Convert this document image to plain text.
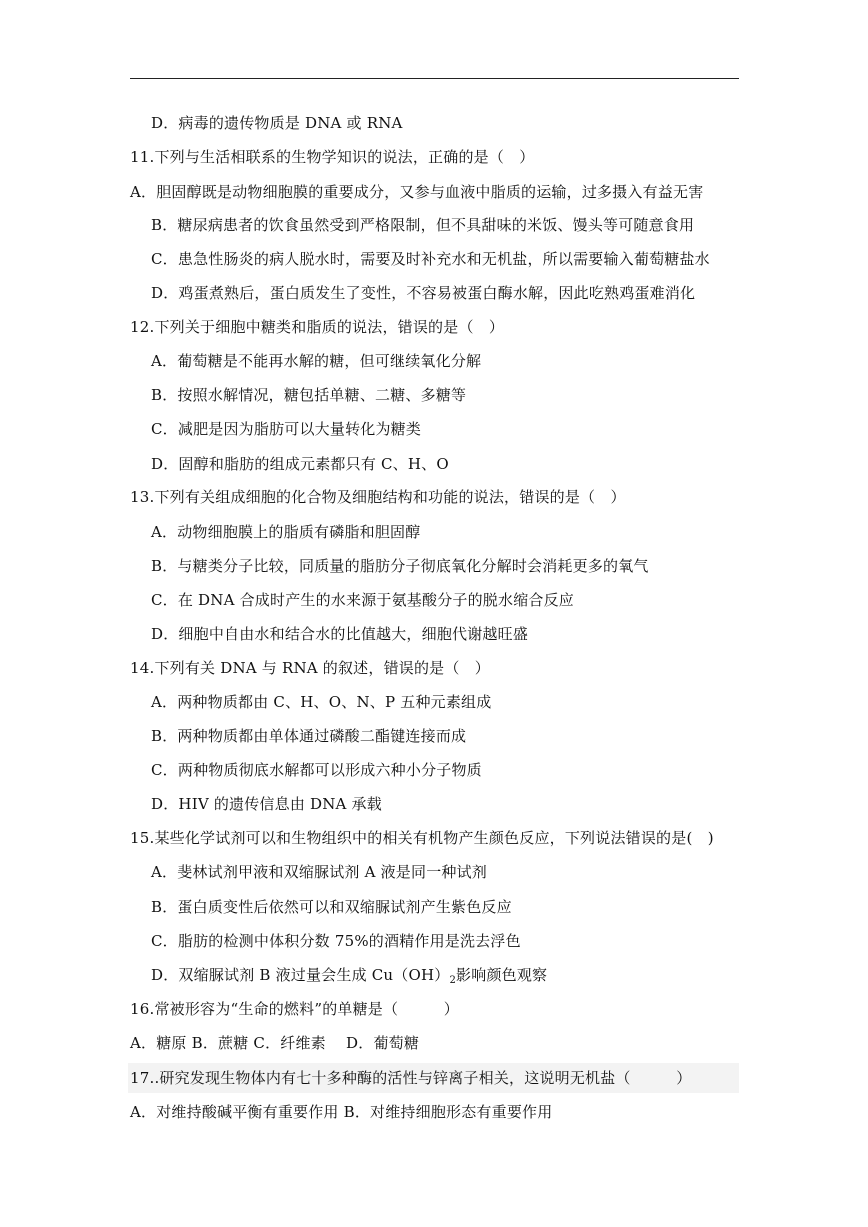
D．病毒的遗传物质是 DNA 或 RNA
11.下列与生活相联系的生物学知识的说法，正确的是（　）
A．胆固醇既是动物细胞膜的重要成分，又参与血液中脂质的运输，过多摄入有益无害
B．糖尿病患者的饮食虽然受到严格限制，但不具甜味的米饭、馒头等可随意食用
C．患急性肠炎的病人脱水时，需要及时补充水和无机盐，所以需要输入葡萄糖盐水
D．鸡蛋煮熟后，蛋白质发生了变性，不容易被蛋白酶水解，因此吃熟鸡蛋难消化
12.下列关于细胞中糖类和脂质的说法，错误的是（　）
A．葡萄糖是不能再水解的糖，但可继续氧化分解
B．按照水解情况，糖包括单糖、二糖、多糖等
C．减肥是因为脂肪可以大量转化为糖类
D．固醇和脂肪的组成元素都只有 C、H、O
13.下列有关组成细胞的化合物及细胞结构和功能的说法，错误的是（　）
A．动物细胞膜上的脂质有磷脂和胆固醇
B．与糖类分子比较，同质量的脂肪分子彻底氧化分解时会消耗更多的氧气
C．在 DNA 合成时产生的水来源于氨基酸分子的脱水缩合反应
D．细胞中自由水和结合水的比值越大，细胞代谢越旺盛
14.下列有关 DNA 与 RNA 的叙述，错误的是（　）
A．两种物质都由 C、H、O、N、P 五种元素组成
B．两种物质都由单体通过磷酸二酯键连接而成
C．两种物质彻底水解都可以形成六种小分子物质
D．HIV 的遗传信息由 DNA 承载
15.某些化学试剂可以和生物组织中的相关有机物产生颜色反应，下列说法错误的是(　)
A．斐林试剂甲液和双缩脲试剂 A 液是同一种试剂
B．蛋白质变性后依然可以和双缩脲试剂产生紫色反应
C．脂肪的检测中体积分数 75%的酒精作用是洗去浮色
D．双缩脲试剂 B 液过量会生成 $Cu(OH)_2$影响颜色观察
16.常被形容为“生命的燃料”的单糖是（　　　）
A．糖原 B．蔗糖 C．纤维素　 D．葡萄糖
17..研究发现生物体内有七十多种酶的活性与锌离子相关，这说明无机盐（　　　）
A．对维持酸碱平衡有重要作用 B．对维持细胞形态有重要作用
